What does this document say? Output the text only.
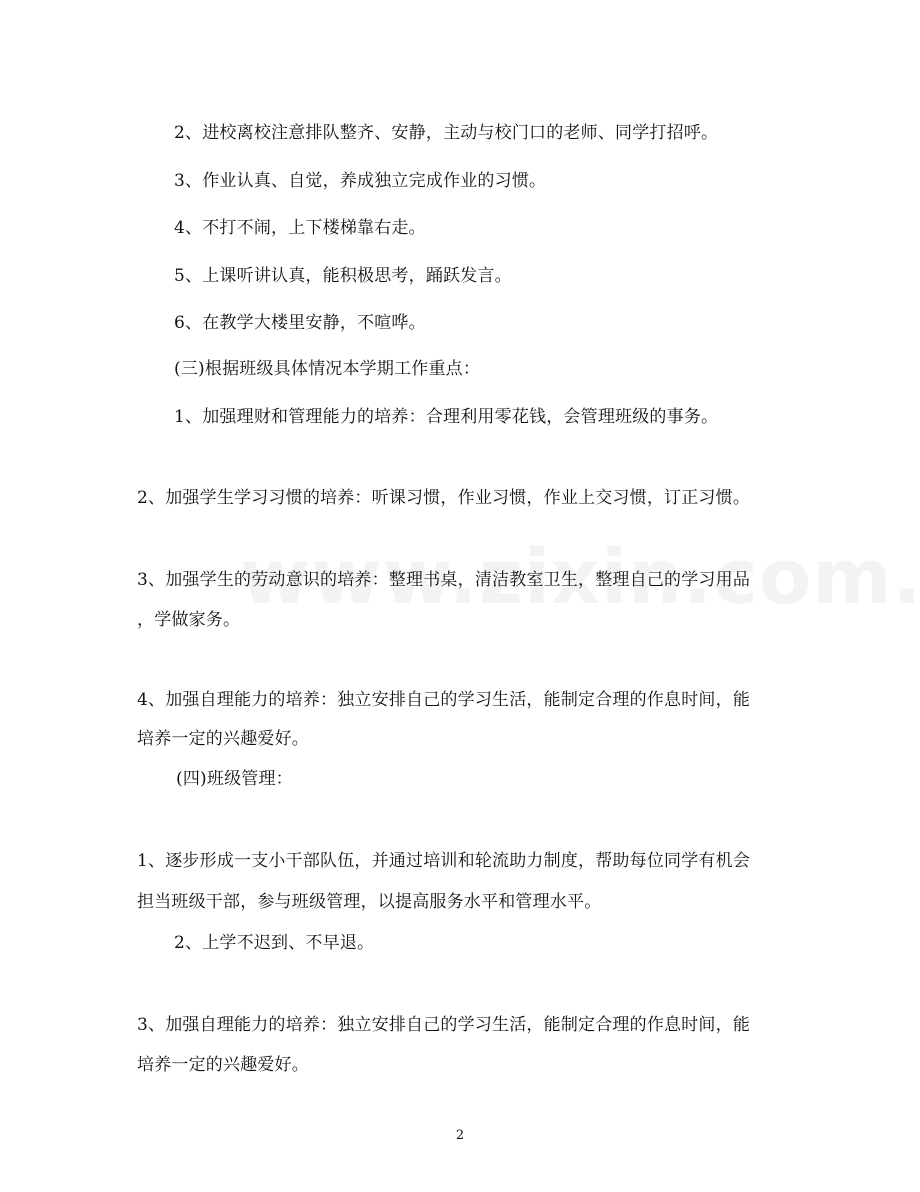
2、进校离校注意排队整齐、安静，主动与校门口的老师、同学打招呼。

3、作业认真、自觉，养成独立完成作业的习惯。

4、不打不闹，上下楼梯靠右走。

5、上课听讲认真，能积极思考，踊跃发言。

6、在教学大楼里安静，不喧哗。

(三)根据班级具体情况本学期工作重点：

1、加强理财和管理能力的培养：合理利用零花钱，会管理班级的事务。

2、加强学生学习习惯的培养：听课习惯，作业习惯，作业上交习惯，订正习惯。

3、加强学生的劳动意识的培养：整理书桌，清洁教室卫生，整理自己的学习用品

，学做家务。

4、加强自理能力的培养：独立安排自己的学习生活，能制定合理的作息时间，能

培养一定的兴趣爱好。

(四)班级管理：

1、逐步形成一支小干部队伍，并通过培训和轮流助力制度，帮助每位同学有机会

担当班级干部，参与班级管理，以提高服务水平和管理水平。

2、上学不迟到、不早退。

3、加强自理能力的培养：独立安排自己的学习生活，能制定合理的作息时间，能

培养一定的兴趣爱好。

2
